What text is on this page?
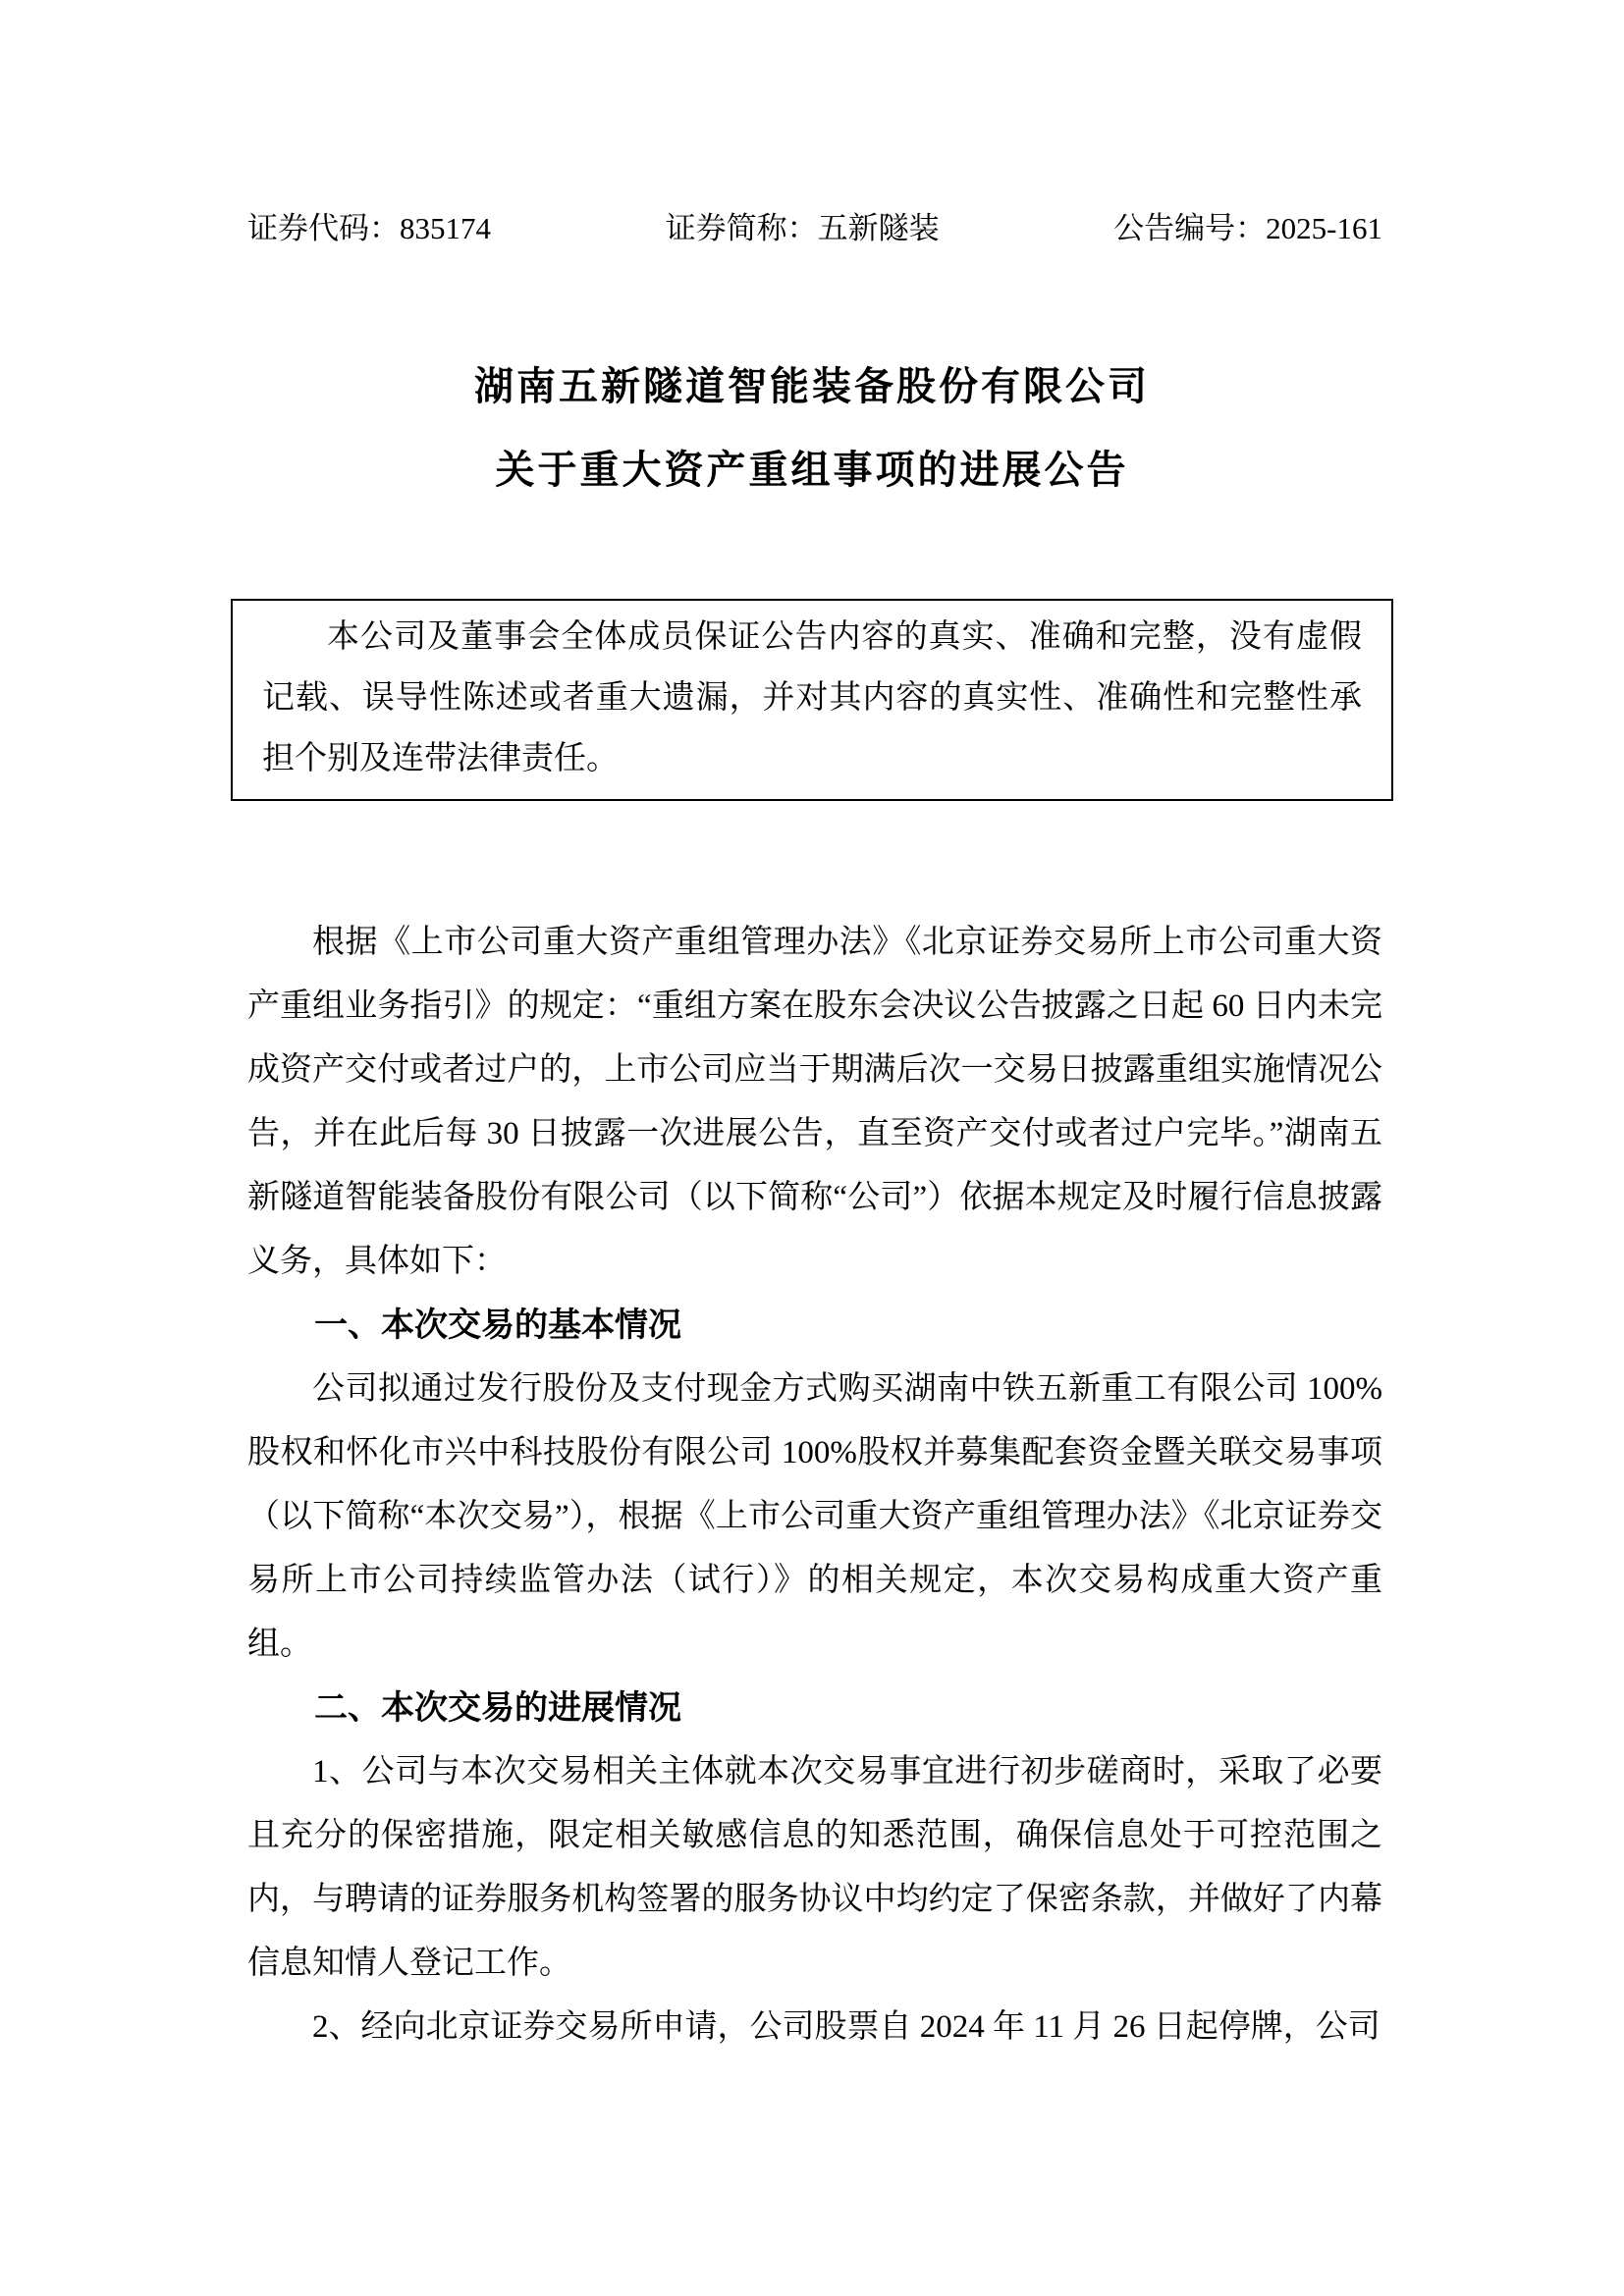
证券代码：835174	证券简称：五新隧装	公告编号：2025-161
湖南五新隧道智能装备股份有限公司
关于重大资产重组事项的进展公告

本公司及董事会全体成员保证公告内容的真实、准确和完整，没有虚假记载、误导性陈述或者重大遗漏，并对其内容的真实性、准确性和完整性承担个别及连带法律责任。

根据《上市公司重大资产重组管理办法》《北京证券交易所上市公司重大资产重组业务指引》的规定：“重组方案在股东会决议公告披露之日起 60 日内未完成资产交付或者过户的，上市公司应当于期满后次一交易日披露重组实施情况公告，并在此后每 30 日披露一次进展公告，直至资产交付或者过户完毕。”湖南五新隧道智能装备股份有限公司（以下简称“公司”）依据本规定及时履行信息披露义务，具体如下：

一、本次交易的基本情况

公司拟通过发行股份及支付现金方式购买湖南中铁五新重工有限公司 100%股权和怀化市兴中科技股份有限公司 100%股权并募集配套资金暨关联交易事项（以下简称“本次交易”），根据《上市公司重大资产重组管理办法》《北京证券交易所上市公司持续监管办法（试行）》的相关规定，本次交易构成重大资产重组。

二、本次交易的进展情况

1、公司与本次交易相关主体就本次交易事宜进行初步磋商时，采取了必要且充分的保密措施，限定相关敏感信息的知悉范围，确保信息处于可控范围之内，与聘请的证券服务机构签署的服务协议中均约定了保密条款，并做好了内幕信息知情人登记工作。

2、经向北京证券交易所申请，公司股票自 2024 年 11 月 26 日起停牌，公司
